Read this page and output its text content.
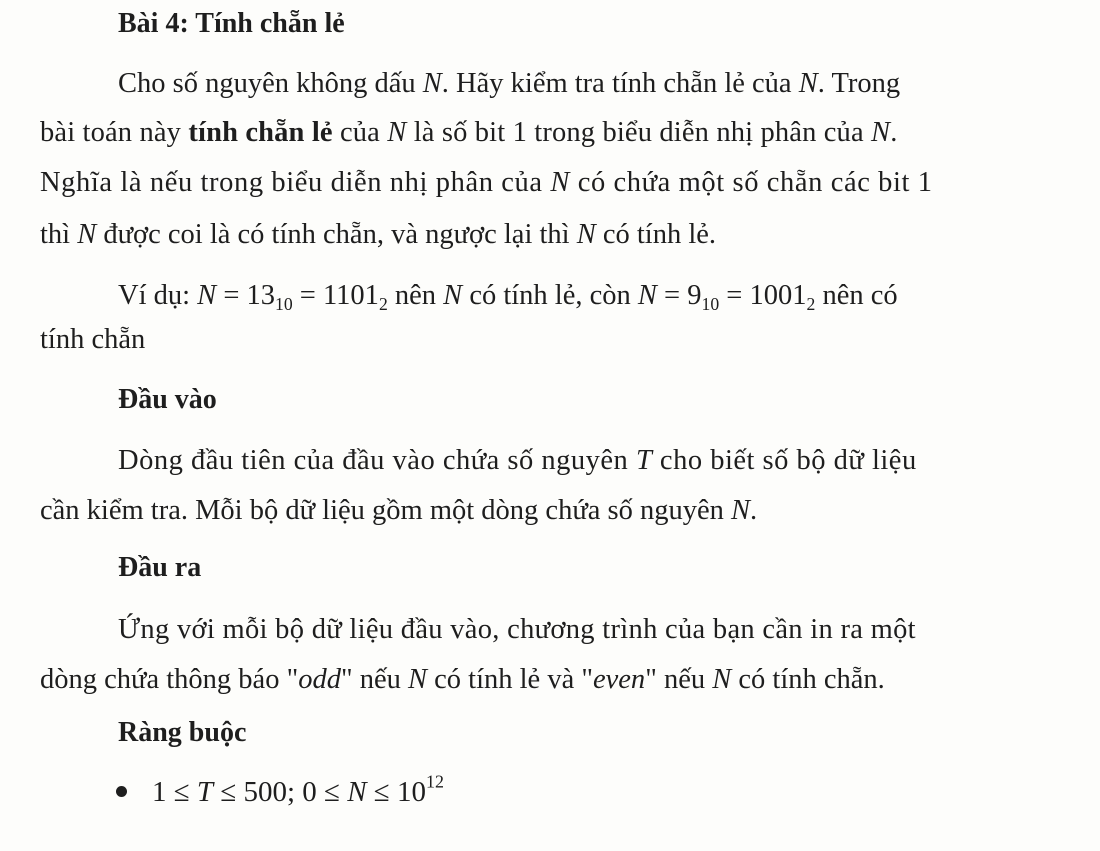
Bài 4: Tính chẵn lẻ
Cho số nguyên không dấu N. Hãy kiểm tra tính chẵn lẻ của N. Trong
bài toán này tính chẵn lẻ của N là số bit 1 trong biểu diễn nhị phân của N.
Nghĩa là nếu trong biểu diễn nhị phân của N có chứa một số chẵn các bit 1
thì N được coi là có tính chẵn, và ngược lại thì N có tính lẻ.
Ví dụ: $N = 13_{10} = 1101_2$ nên N có tính lẻ, còn $N = 9_{10} = 1001_2$ nên có
tính chẵn
Đầu vào
Dòng đầu tiên của đầu vào chứa số nguyên T cho biết số bộ dữ liệu
cần kiểm tra. Mỗi bộ dữ liệu gồm một dòng chứa số nguyên N.
Đầu ra
Ứng với mỗi bộ dữ liệu đầu vào, chương trình của bạn cần in ra một
dòng chứa thông báo "odd" nếu N có tính lẻ và "even" nếu N có tính chẵn.
Ràng buộc
1 ≤ T ≤ 500; $0 \le N \le 10^{12}$
